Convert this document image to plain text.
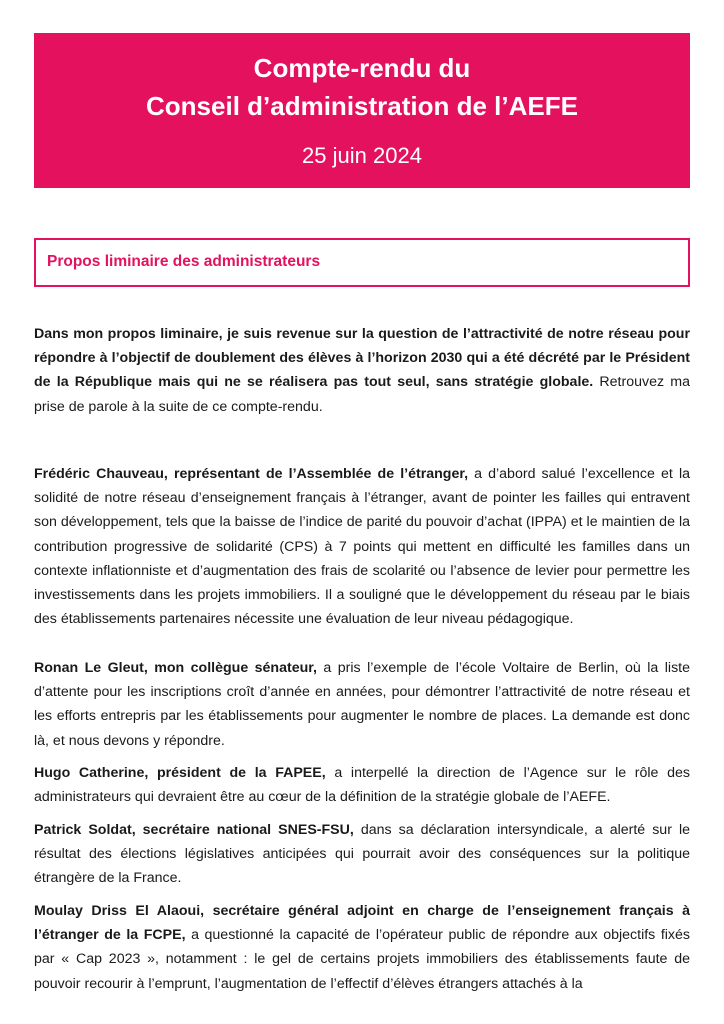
Compte-rendu du
Conseil d’administration de l’AEFE
25 juin 2024
Propos liminaire des administrateurs
Dans mon propos liminaire, je suis revenue sur la question de l’attractivité de notre réseau pour répondre à l’objectif de doublement des élèves à l’horizon 2030 qui a été décrété par le Président de la République mais qui ne se réalisera pas tout seul, sans stratégie globale. Retrouvez ma prise de parole à la suite de ce compte-rendu.
Frédéric Chauveau, représentant de l’Assemblée de l’étranger, a d’abord salué l’excellence et la solidité de notre réseau d’enseignement français à l’étranger, avant de pointer les failles qui entravent son développement, tels que la baisse de l’indice de parité du pouvoir d’achat (IPPA) et le maintien de la contribution progressive de solidarité (CPS) à 7 points qui mettent en difficulté les familles dans un contexte inflationniste et d’augmentation des frais de scolarité ou l’absence de levier pour permettre les investissements dans les projets immobiliers. Il a souligné que le développement du réseau par le biais des établissements partenaires nécessite une évaluation de leur niveau pédagogique.
Ronan Le Gleut, mon collègue sénateur, a pris l’exemple de l’école Voltaire de Berlin, où la liste d’attente pour les inscriptions croît d’année en années, pour démontrer l’attractivité de notre réseau et les efforts entrepris par les établissements pour augmenter le nombre de places. La demande est donc là, et nous devons y répondre.
Hugo Catherine, président de la FAPEE, a interpellé la direction de l’Agence sur le rôle des administrateurs qui devraient être au cœur de la définition de la stratégie globale de l’AEFE.
Patrick Soldat, secrétaire national SNES-FSU, dans sa déclaration intersyndicale, a alerté sur le résultat des élections législatives anticipées qui pourrait avoir des conséquences sur la politique étrangère de la France.
Moulay Driss El Alaoui, secrétaire général adjoint en charge de l’enseignement français à l’étranger de la FCPE, a questionné la capacité de l’opérateur public de répondre aux objectifs fixés par « Cap 2023 », notamment : le gel de certains projets immobiliers des établissements faute de pouvoir recourir à l’emprunt, l’augmentation de l’effectif d’élèves étrangers attachés à la
